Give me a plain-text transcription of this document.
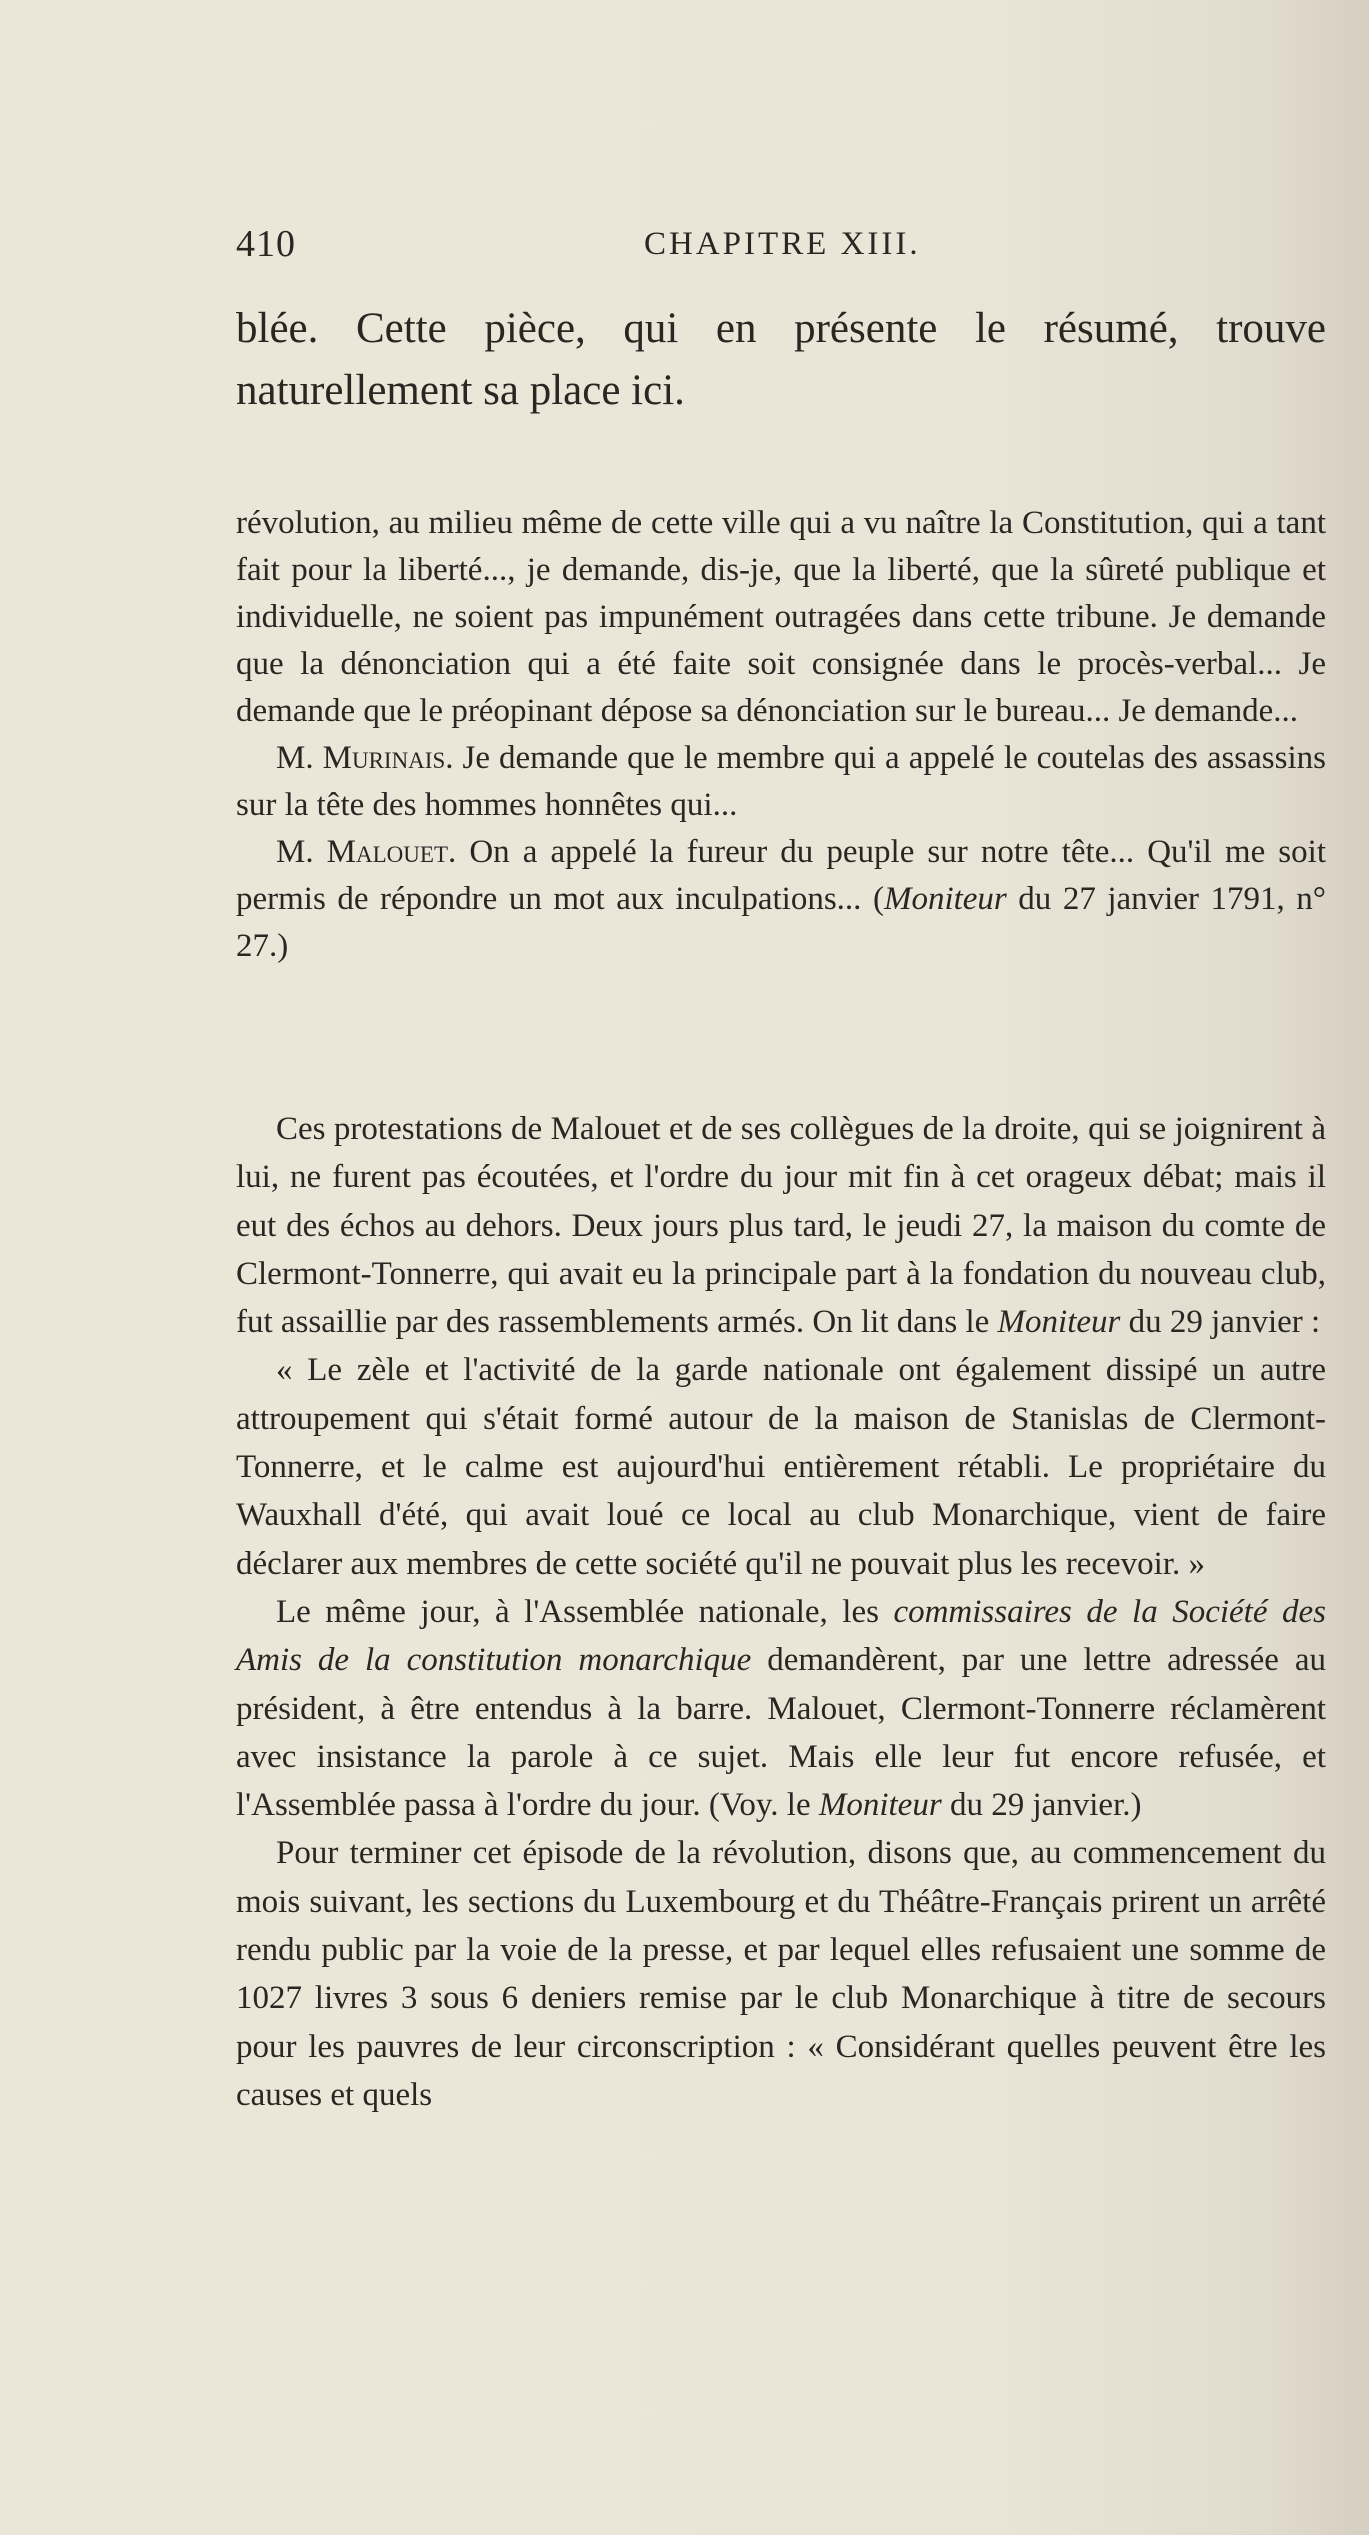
410	CHAPITRE XIII.

blée. Cette pièce, qui en présente le résumé, trouve naturellement sa place ici.

révolution, au milieu même de cette ville qui a vu naître la Constitution, qui a tant fait pour la liberté..., je demande, dis-je, que la liberté, que la sûreté publique et individuelle, ne soient pas impunément outragées dans cette tribune. Je demande que la dénonciation qui a été faite soit consignée dans le procès-verbal... Je demande que le préopinant dépose sa dénonciation sur le bureau... Je demande...

M. Murinais. Je demande que le membre qui a appelé le coutelas des assassins sur la tête des hommes honnêtes qui...

M. Malouet. On a appelé la fureur du peuple sur notre tête... Qu'il me soit permis de répondre un mot aux inculpations... (Moniteur du 27 janvier 1791, n° 27.)

Ces protestations de Malouet et de ses collègues de la droite, qui se joignirent à lui, ne furent pas écoutées, et l'ordre du jour mit fin à cet orageux débat; mais il eut des échos au dehors. Deux jours plus tard, le jeudi 27, la maison du comte de Clermont-Tonnerre, qui avait eu la principale part à la fondation du nouveau club, fut assaillie par des rassemblements armés. On lit dans le Moniteur du 29 janvier :

« Le zèle et l'activité de la garde nationale ont également dissipé un autre attroupement qui s'était formé autour de la maison de Stanislas de Clermont-Tonnerre, et le calme est aujourd'hui entièrement rétabli. Le propriétaire du Wauxhall d'été, qui avait loué ce local au club Monarchique, vient de faire déclarer aux membres de cette société qu'il ne pouvait plus les recevoir. »

Le même jour, à l'Assemblée nationale, les commissaires de la Société des Amis de la constitution monarchique demandèrent, par une lettre adressée au président, à être entendus à la barre. Malouet, Clermont-Tonnerre réclamèrent avec insistance la parole à ce sujet. Mais elle leur fut encore refusée, et l'Assemblée passa à l'ordre du jour. (Voy. le Moniteur du 29 janvier.)

Pour terminer cet épisode de la révolution, disons que, au commencement du mois suivant, les sections du Luxembourg et du Théâtre-Français prirent un arrêté rendu public par la voie de la presse, et par lequel elles refusaient une somme de 1027 livres 3 sous 6 deniers remise par le club Monarchique à titre de secours pour les pauvres de leur circonscription : « Considérant quelles peuvent être les causes et quels
